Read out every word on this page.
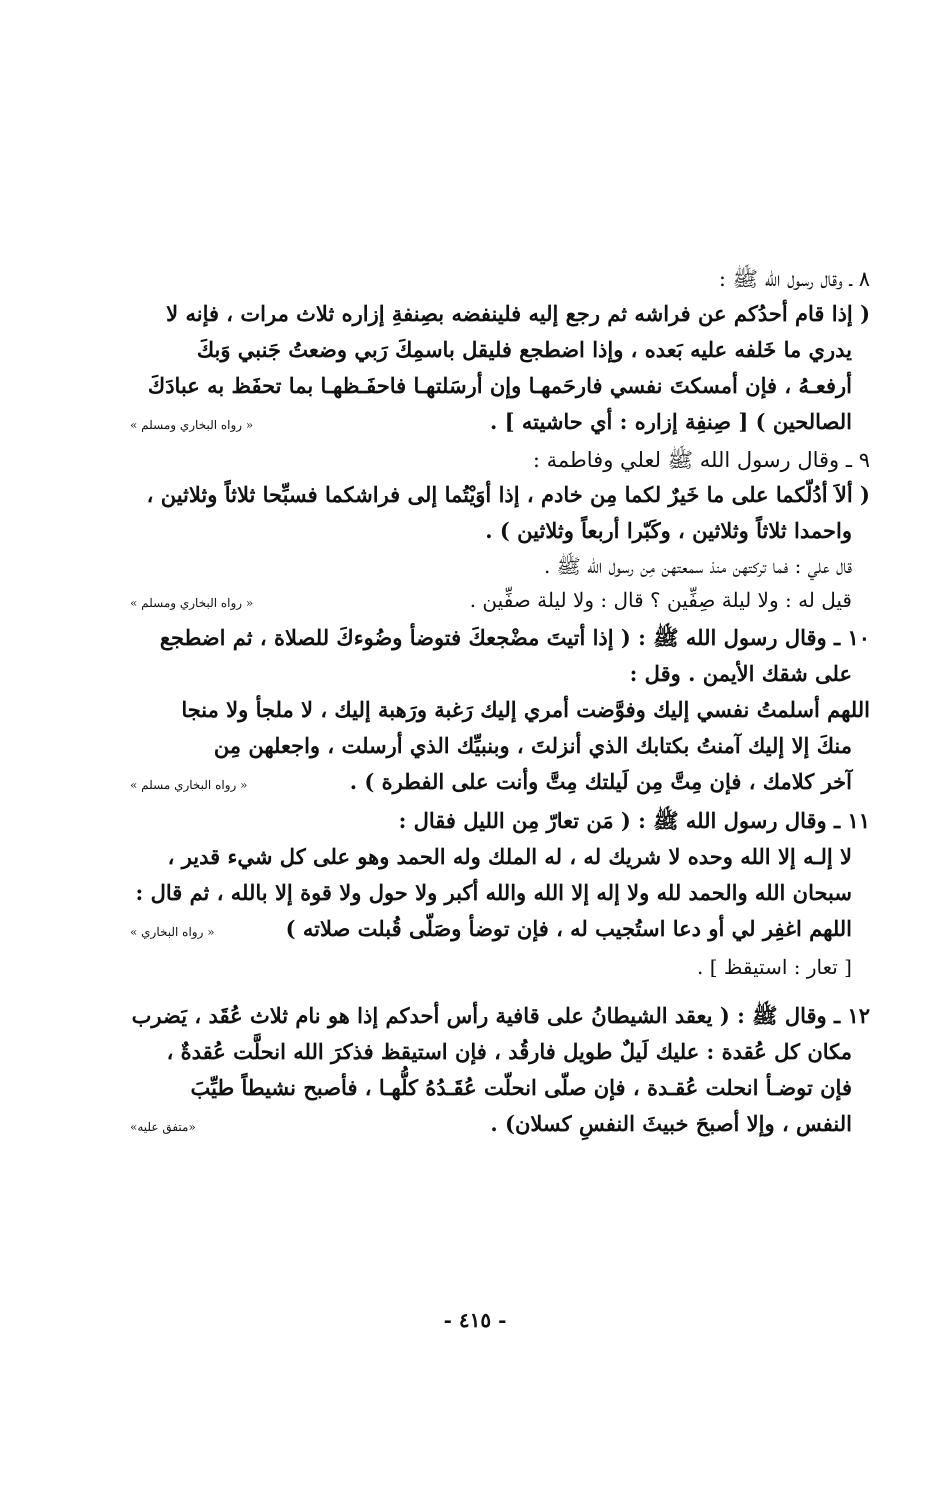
٨ ـ وقال رسول الله ﷺ :
( إذا قام أحدُكم عن فراشه ثم رجع إليه فلينفضه بصِنفةِ إزاره ثلاث مرات ، فإنه لا
يدري ما خَلفه عليه بَعده ، وإذا اضطجع فليقل باسمِكَ رَبي وضعتُ جَنبي وَبكَ
أرفعـهُ ، فإن أمسكتَ نفسي فارحَمهـا وإن أرسَلتهـا فاحفَـظهـا بما تحفَظ به عبادَكَ
الصالحين ) [ صِنفِة إزاره : أي حاشيته ] .
« رواه البخاري ومسلم »
٩ ـ وقال رسول الله ﷺ لعلي وفاطمة :
( ألاَ أدُلّكما على ما خَيرٌ لكما مِن خادم ، إذا أوَيْتُما إلى فراشكما فسبِّحا ثلاثاً وثلاثين ،
واحمدا ثلاثاً وثلاثين ، وكَبّرا أربعاً وثلاثين ) .
قال علي : فما تركتهن منذ سمعتهن مِن رسول الله ﷺ .
قيل له : ولا ليلة صِفِّين ؟ قال : ولا ليلة صفِّين .
« رواه البخاري ومسلم »
١٠ ـ وقال رسول الله ﷺ : ( إذا أتيتَ مضْجعكَ فتوضأ وضُوءكَ للصلاة ، ثم اضطجع
على شقك الأيمن . وقل :
اللهم أسلمتُ نفسي إليك وفوَّضت أمري إليك رَغبة ورَهبة إليك ، لا ملجأ ولا منجا
منكَ إلا إليك آمنتُ بكتابك الذي أنزلتَ ، وبنبيِّك الذي أرسلت ، واجعلهن مِن
آخر كلامك ، فإن مِتَّ مِن لَيلتك مِتَّ وأنت على الفطرة ) .
« رواه البخاري مسلم »
١١ ـ وقال رسول الله ﷺ : ( مَن تعارّ مِن الليل فقال :
لا إلـه إلا الله وحده لا شريك له ، له الملك وله الحمد وهو على كل شيء قدير ،
سبحان الله والحمد لله ولا إله إلا الله والله أكبر ولا حول ولا قوة إلا بالله ، ثم قال :
اللهم اغفِر لي أو دعا استُجيب له ، فإن توضأ وصَلّى قُبلت صلاته )
« رواه البخاري »
[ تعار : استيقظ ] .
١٢ ـ وقال ﷺ : ( يعقد الشيطانُ على قافية رأس أحدكم إذا هو نام ثلاث عُقَد ، يَضرب
مكان كل عُقدة : عليك لَيلٌ طويل فارقُد ، فإن استيقظ فذكرَ الله انحلَّت عُقدةٌ ،
فإن توضـأ انحلت عُقـدة ، فإن صلّى انحلّت عُقَـدُهُ كلُّهـا ، فأصبح نشيطاً طيِّبَ
النفس ، وإلا أصبحَ خبيثَ النفسِ كسلان) .
«متفق عليه»
- ٤١٥ -
